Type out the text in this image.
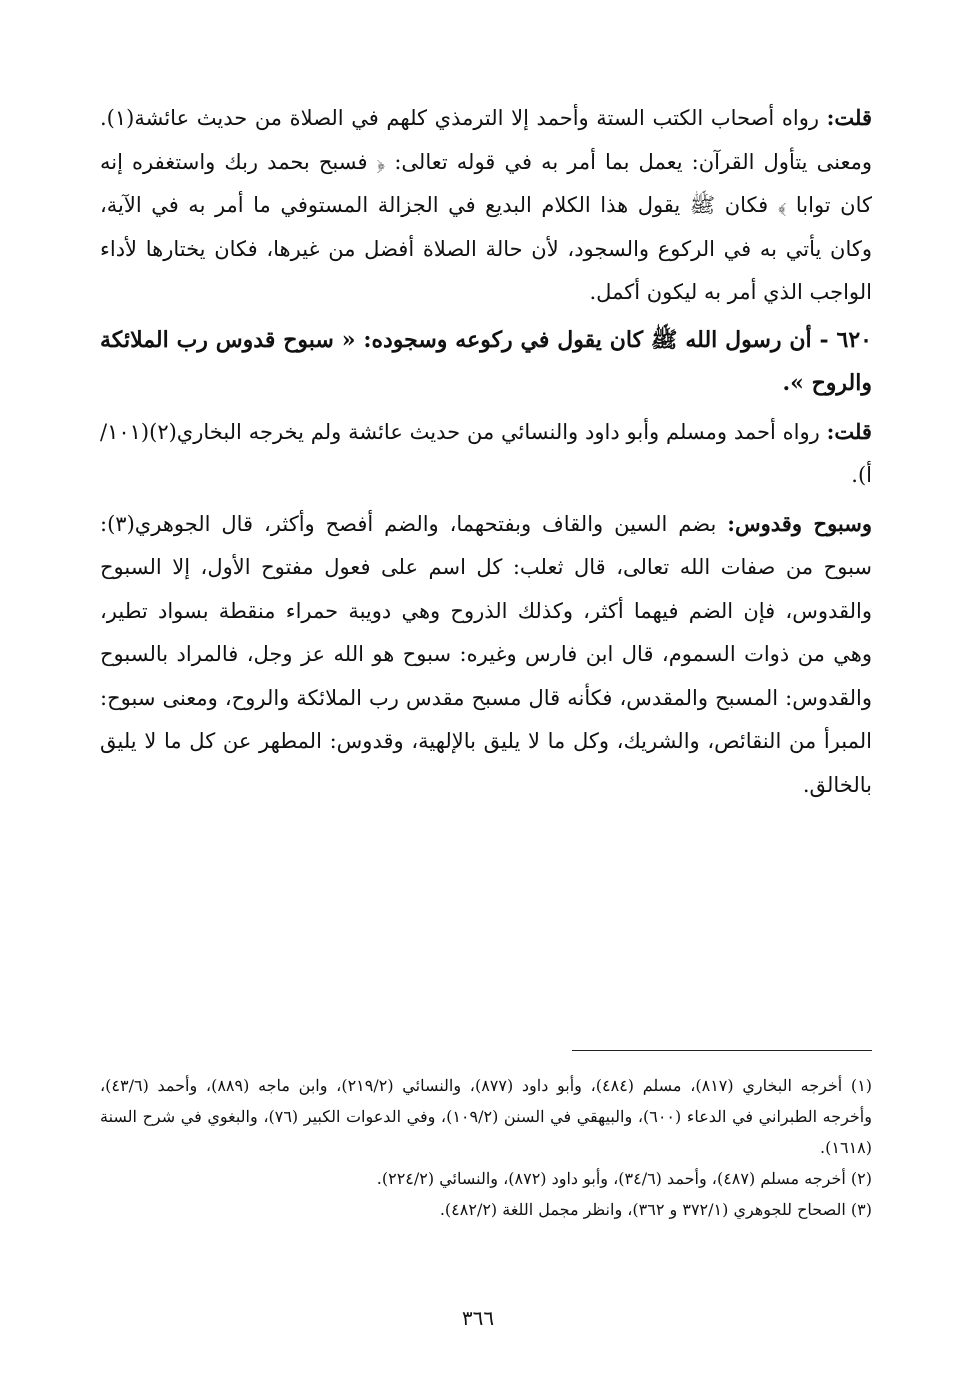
قلت: رواه أصحاب الكتب الستة وأحمد إلا الترمذي كلهم في الصلاة من حديث عائشة(١). ومعنى يتأول القرآن: يعمل بما أمر به في قوله تعالى: ﴿ فسبح بحمد ربك واستغفره إنه كان توابا ﴾ فكان ﷺ يقول هذا الكلام البديع في الجزالة المستوفي ما أمر به في الآية، وكان يأتي به في الركوع والسجود، لأن حالة الصلاة أفضل من غيرها، فكان يختارها لأداء الواجب الذي أمر به ليكون أكمل.

٦٢٠ - أن رسول الله ﷺ كان يقول في ركوعه وسجوده: « سبوح قدوس رب الملائكة والروح ».

قلت: رواه أحمد ومسلم وأبو داود والنسائي من حديث عائشة ولم يخرجه البخاري(٢)(١٠١/أ).

وسبوح وقدوس: بضم السين والقاف وبفتحهما، والضم أفصح وأكثر، قال الجوهري(٣): سبوح من صفات الله تعالى، قال ثعلب: كل اسم على فعول مفتوح الأول، إلا السبوح والقدوس، فإن الضم فيهما أكثر، وكذلك الذروح وهي دويبة حمراء منقطة بسواد تطير، وهي من ذوات السموم، قال ابن فارس وغيره: سبوح هو الله عز وجل، فالمراد بالسبوح والقدوس: المسبح والمقدس، فكأنه قال مسبح مقدس رب الملائكة والروح، ومعنى سبوح: المبرأ من النقائص، والشريك، وكل ما لا يليق بالإلهية، وقدوس: المطهر عن كل ما لا يليق بالخالق.

(١) أخرجه البخاري (٨١٧)، مسلم (٤٨٤)، وأبو داود (٨٧٧)، والنسائي (٢١٩/٢)، وابن ماجه (٨٨٩)، وأحمد (٤٣/٦)، وأخرجه الطبراني في الدعاء (٦٠٠)، والبيهقي في السنن (١٠٩/٢)، وفي الدعوات الكبير (٧٦)، والبغوي في شرح السنة (١٦١٨).

(٢) أخرجه مسلم (٤٨٧)، وأحمد (٣٤/٦)، وأبو داود (٨٧٢)، والنسائي (٢٢٤/٢).

(٣) الصحاح للجوهري (٣٧٢/١ و ٣٦٢)، وانظر مجمل اللغة (٤٨٢/٢).

٣٦٦
